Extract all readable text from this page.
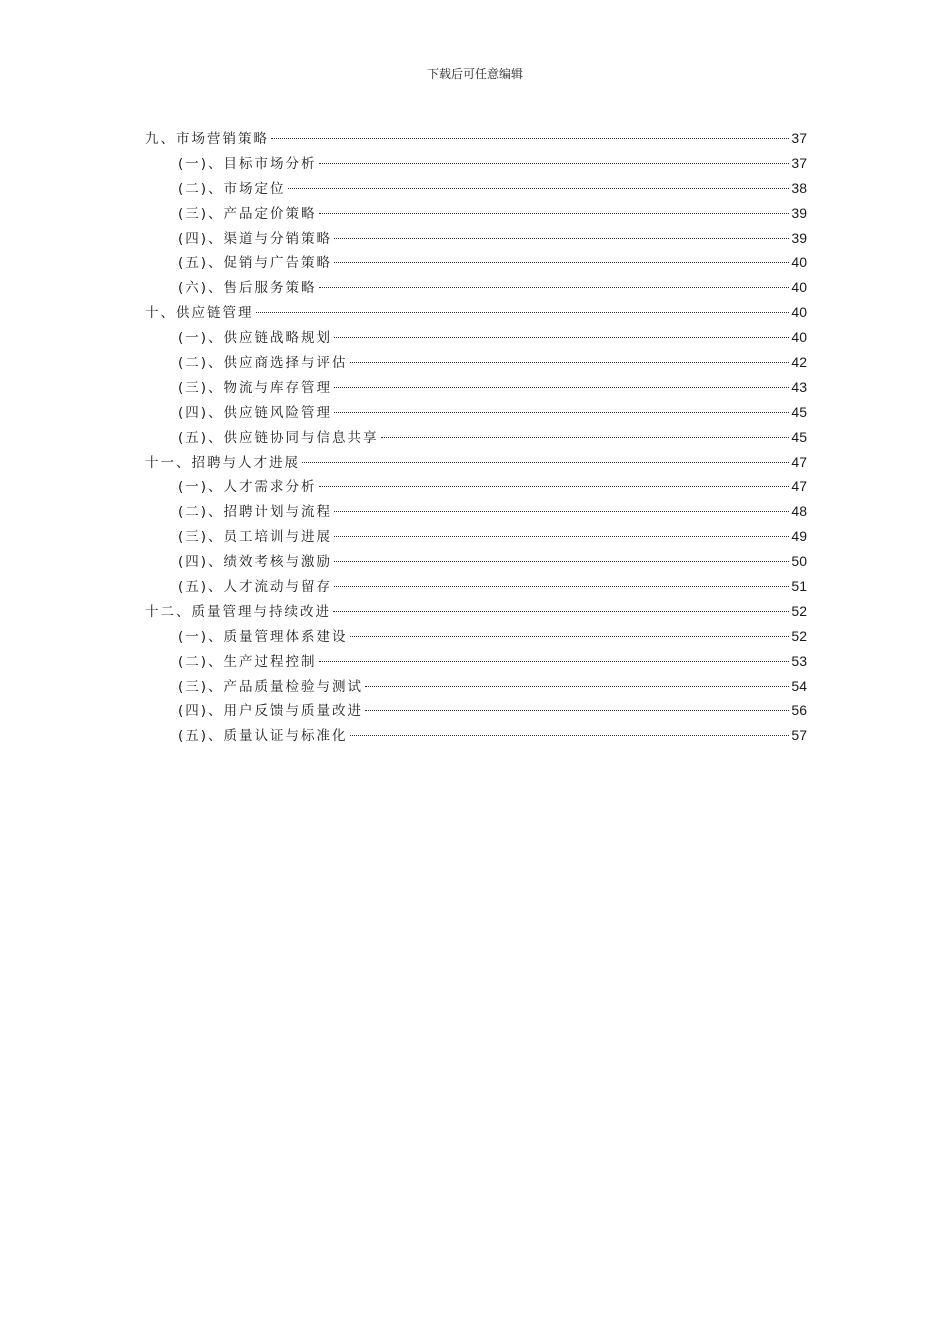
下载后可任意编辑
九、市场营销策略	37
(一)、目标市场分析	37
(二)、市场定位	38
(三)、产品定价策略	39
(四)、渠道与分销策略	39
(五)、促销与广告策略	40
(六)、售后服务策略	40
十、供应链管理	40
(一)、供应链战略规划	40
(二)、供应商选择与评估	42
(三)、物流与库存管理	43
(四)、供应链风险管理	45
(五)、供应链协同与信息共享	45
十一、招聘与人才进展	47
(一)、人才需求分析	47
(二)、招聘计划与流程	48
(三)、员工培训与进展	49
(四)、绩效考核与激励	50
(五)、人才流动与留存	51
十二、质量管理与持续改进	52
(一)、质量管理体系建设	52
(二)、生产过程控制	53
(三)、产品质量检验与测试	54
(四)、用户反馈与质量改进	56
(五)、质量认证与标准化	57
